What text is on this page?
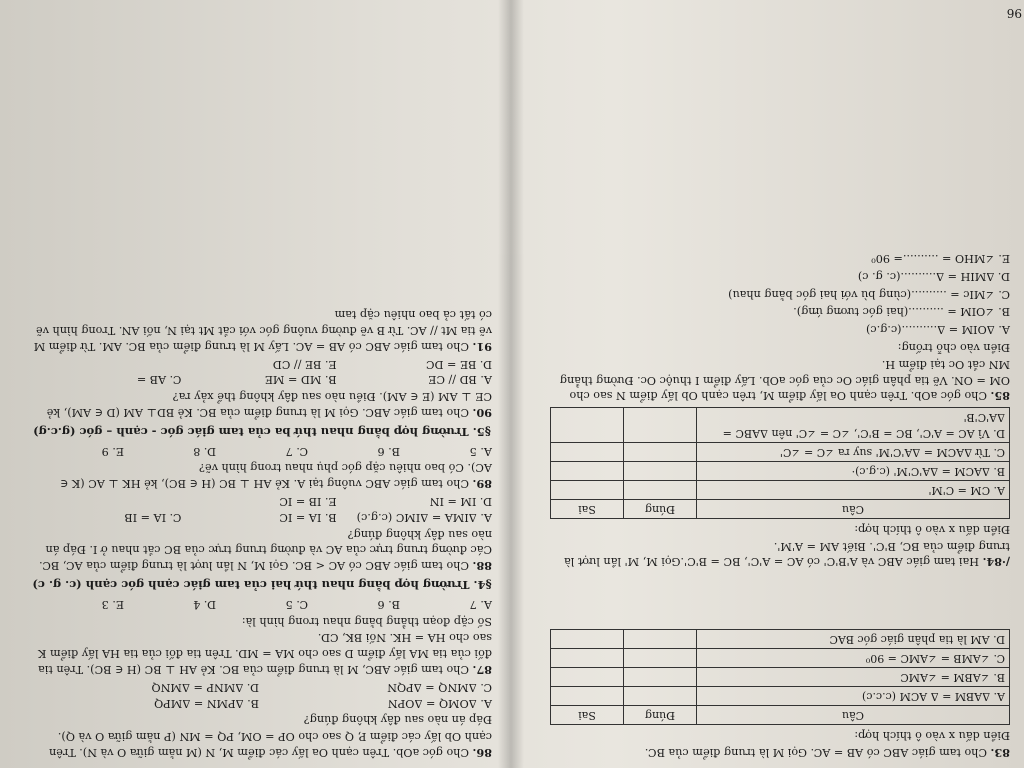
96

83. Cho tam giác ABC có AB = AC. Gọi M là trung điểm của BC.

Điền dấu x vào ô thích hợp:

Câu	Đúng	Sai
A. ΔABM = Δ ACM (c.c.c)		
B. ∠ABM = ∠AMC		
C. ∠AMB = ∠AMC = 90⁰		
D. AM là tia phân giác góc BAC		

/·84. Hai tam giác ABC và A'B'C' có AC = A'C', BC = B'C'.Gọi M, M' lần lượt là trung điểm của BC, B'C'. Biết AM = A'M'.

Điền dấu x vào ô thích hợp:

Câu	Đúng	Sai
A. CM = C'M'		
B. ΔACM = ΔA'C'M' (c.g.c)·		
C. Từ ΔACM = ΔA'C'M' suy ra ∠C = ∠C'		
D. Vì AC = A'C', BC = B'C', ∠C = ∠C' nên ΔABC = ΔA'C'B'		

85. Cho góc aOb. Trên cạnh Oa lấy điểm M, trên cạnh Ob lấy điểm N sao cho OM = ON. Vẽ tia phân giác Oc của góc aOb. Lấy điểm I thuộc Oc. Đường thẳng MN cắt Oc tại điểm H.

Điền vào chỗ trống:

A. ΔOIM = Δ..........(c.g.c)

B. ∠OIM = ..........(hai góc tương ứng).

C. ∠MIc = ..........(cùng bù với hai góc bằng nhau)

D. ΔMIH = Δ..........(c. g. c)

E. ∠MHO = ..........= 90⁰

86. Cho góc aOb. Trên cạnh Oa lấy các điểm M, N (M nằm giữa O và N). Trên cạnh Ob lấy các điểm P, Q sao cho OP = OM, PQ = MN (P nằm giữa O và Q).

Đáp án nào sau đây không đúng?

A. ΔOMQ = ΔOPN
B. ΔPMN = ΔMPQ
C. ΔMNQ = ΔPQN
D. ΔMNP = ΔMNQ

87. Cho tam giác ABC, M là trung điểm của BC. Kẻ AH ⊥ BC (H ∈ BC). Trên tia đối của tia MA lấy điểm D sao cho MA = MD. Trên tia đối của tia HA lấy điểm K sao cho HA = HK. Nối BK, CD.

Số cặp đoạn thẳng bằng nhau trong hình là:

A. 7
B. 6
C. 5
D. 4
E. 3

§4. Trường hợp bằng nhau thứ hai của tam giác cạnh góc cạnh (c. g. c)

88. Cho tam giác ABC có AC < BC. Gọi M, N lần lượt là trung điểm của AC, BC. Các đường trung trực của AC và đường trung trực của BC cắt nhau ở I. Đáp án nào sau đây không đúng?

A. ΔIMA = ΔIMC (c.g.c)
B. IA = IC
C. IA = IB
D. IM = IN
E. IB = IC

89. Cho tam giác ABC vuông tại A. Kẻ AH ⊥ BC (H ∈ BC), kẻ HK ⊥ AC (K ∈ AC). Có bao nhiêu cặp góc phụ nhau trong hình vẽ?

A. 5
B. 6
C. 7
D. 8
E. 9

§5. Trường hợp bằng nhau thứ ba của tam giác góc - cạnh – góc (g.c.g)

90. Cho tam giác ABC. Gọi M là trung điểm của BC. Kẻ BD⊥ AM (D ∈ AM), kẻ CE ⊥ AM (E ∈ AM). Điều nào sau đây không thể xảy ra?

A. BD // CE
B. MD = ME
C. AB =
D. BE = DC
E. BE // CD

91. Cho tam giác ABC có AB = AC. Lấy M là trung điểm của BC. AM. Từ điểm M vẽ tia Mt // AC. Từ B vẽ đường vuông góc với cắt Mt tại N, nối AN. Trong hình vẽ có tất cả bao nhiêu cặp tam
